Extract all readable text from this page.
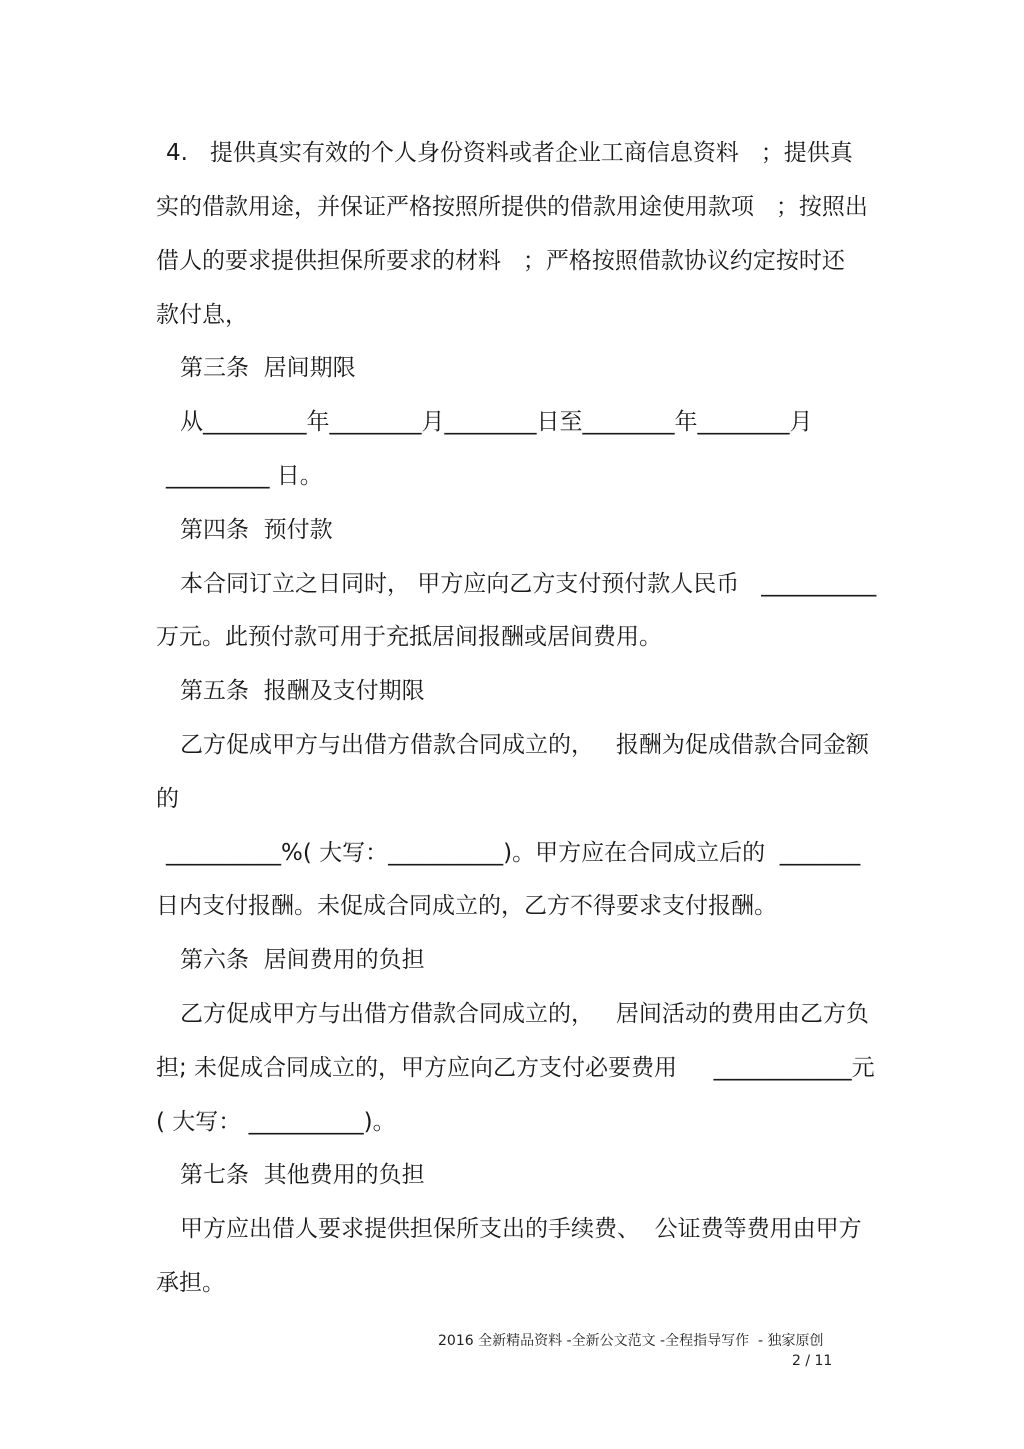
4.   提供真实有效的个人身份资料或者企业工商信息资料   ；提供真
实的借款用途，并保证严格按照所提供的借款用途使用款项   ；按照出
借人的要求提供担保所要求的材料   ；严格按照借款协议约定按时还
款付息，
第三条  居间期限
从_________年________月________日至________年________月
_________ 日。
第四条  预付款
本合同订立之日同时， 甲方应向乙方支付预付款人民币   __________
万元。此预付款可用于充抵居间报酬或居间费用。
第五条  报酬及支付期限
乙方促成甲方与出借方借款合同成立的，   报酬为促成借款合同金额
的
__________%( 大写：__________)。甲方应在合同成立后的  _______
日内支付报酬。未促成合同成立的，乙方不得要求支付报酬。
第六条  居间费用的负担
乙方促成甲方与出借方借款合同成立的，   居间活动的费用由乙方负
担; 未促成合同成立的，甲方应向乙方支付必要费用     ____________元
( 大写： __________)。
第七条  其他费用的负担
甲方应出借人要求提供担保所支出的手续费、  公证费等费用由甲方
承担。
2016 全新精品资料 -全新公文范文 -全程指导写作  - 独家原创
2 / 11
